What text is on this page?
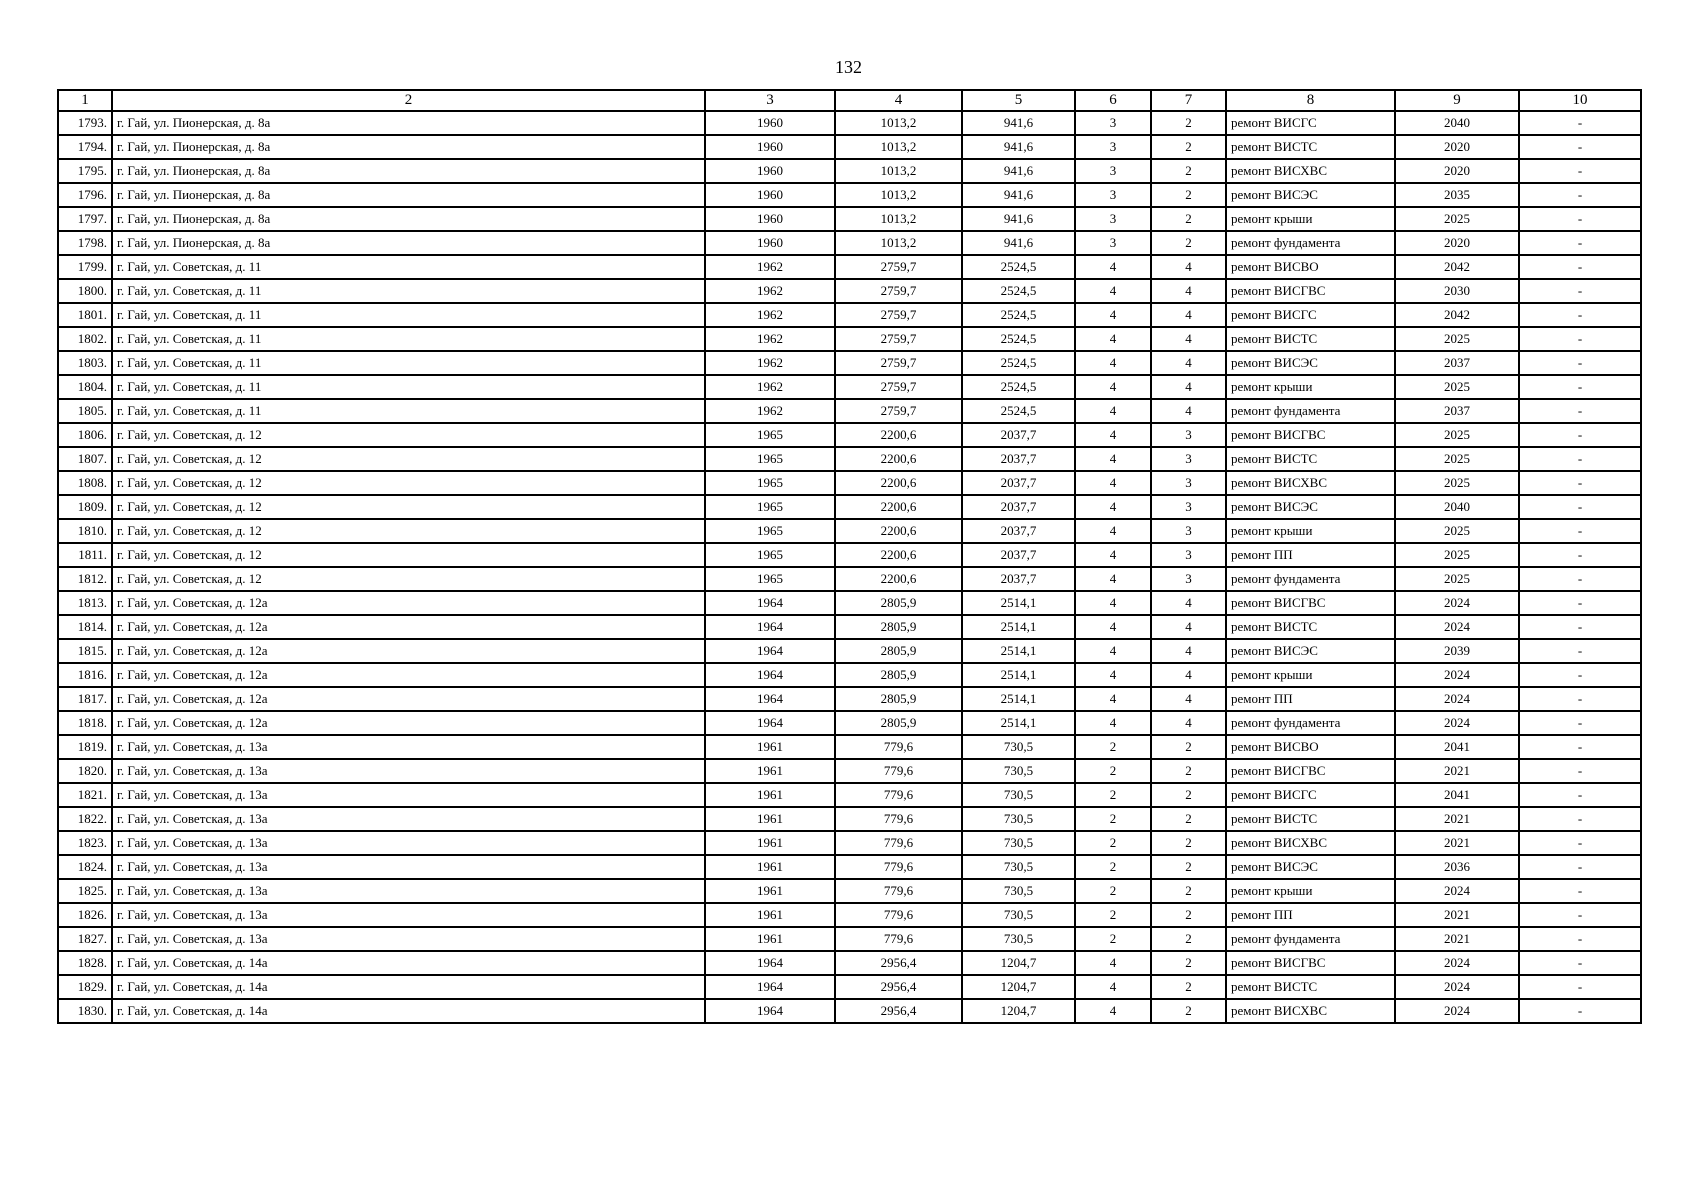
132
1	2	3	4	5	6	7	8	9	10
1793.	г. Гай, ул. Пионерская, д. 8а	1960	1013,2	941,6	3	2	ремонт ВИСГС	2040	-
1794.	г. Гай, ул. Пионерская, д. 8а	1960	1013,2	941,6	3	2	ремонт ВИСТС	2020	-
1795.	г. Гай, ул. Пионерская, д. 8а	1960	1013,2	941,6	3	2	ремонт ВИСХВС	2020	-
1796.	г. Гай, ул. Пионерская, д. 8а	1960	1013,2	941,6	3	2	ремонт ВИСЭС	2035	-
1797.	г. Гай, ул. Пионерская, д. 8а	1960	1013,2	941,6	3	2	ремонт крыши	2025	-
1798.	г. Гай, ул. Пионерская, д. 8а	1960	1013,2	941,6	3	2	ремонт фундамента	2020	-
1799.	г. Гай, ул. Советская, д. 11	1962	2759,7	2524,5	4	4	ремонт ВИСВО	2042	-
1800.	г. Гай, ул. Советская, д. 11	1962	2759,7	2524,5	4	4	ремонт ВИСГВС	2030	-
1801.	г. Гай, ул. Советская, д. 11	1962	2759,7	2524,5	4	4	ремонт ВИСГС	2042	-
1802.	г. Гай, ул. Советская, д. 11	1962	2759,7	2524,5	4	4	ремонт ВИСТС	2025	-
1803.	г. Гай, ул. Советская, д. 11	1962	2759,7	2524,5	4	4	ремонт ВИСЭС	2037	-
1804.	г. Гай, ул. Советская, д. 11	1962	2759,7	2524,5	4	4	ремонт крыши	2025	-
1805.	г. Гай, ул. Советская, д. 11	1962	2759,7	2524,5	4	4	ремонт фундамента	2037	-
1806.	г. Гай, ул. Советская, д. 12	1965	2200,6	2037,7	4	3	ремонт ВИСГВС	2025	-
1807.	г. Гай, ул. Советская, д. 12	1965	2200,6	2037,7	4	3	ремонт ВИСТС	2025	-
1808.	г. Гай, ул. Советская, д. 12	1965	2200,6	2037,7	4	3	ремонт ВИСХВС	2025	-
1809.	г. Гай, ул. Советская, д. 12	1965	2200,6	2037,7	4	3	ремонт ВИСЭС	2040	-
1810.	г. Гай, ул. Советская, д. 12	1965	2200,6	2037,7	4	3	ремонт крыши	2025	-
1811.	г. Гай, ул. Советская, д. 12	1965	2200,6	2037,7	4	3	ремонт ПП	2025	-
1812.	г. Гай, ул. Советская, д. 12	1965	2200,6	2037,7	4	3	ремонт фундамента	2025	-
1813.	г. Гай, ул. Советская, д. 12а	1964	2805,9	2514,1	4	4	ремонт ВИСГВС	2024	-
1814.	г. Гай, ул. Советская, д. 12а	1964	2805,9	2514,1	4	4	ремонт ВИСТС	2024	-
1815.	г. Гай, ул. Советская, д. 12а	1964	2805,9	2514,1	4	4	ремонт ВИСЭС	2039	-
1816.	г. Гай, ул. Советская, д. 12а	1964	2805,9	2514,1	4	4	ремонт крыши	2024	-
1817.	г. Гай, ул. Советская, д. 12а	1964	2805,9	2514,1	4	4	ремонт ПП	2024	-
1818.	г. Гай, ул. Советская, д. 12а	1964	2805,9	2514,1	4	4	ремонт фундамента	2024	-
1819.	г. Гай, ул. Советская, д. 13а	1961	779,6	730,5	2	2	ремонт ВИСВО	2041	-
1820.	г. Гай, ул. Советская, д. 13а	1961	779,6	730,5	2	2	ремонт ВИСГВС	2021	-
1821.	г. Гай, ул. Советская, д. 13а	1961	779,6	730,5	2	2	ремонт ВИСГС	2041	-
1822.	г. Гай, ул. Советская, д. 13а	1961	779,6	730,5	2	2	ремонт ВИСТС	2021	-
1823.	г. Гай, ул. Советская, д. 13а	1961	779,6	730,5	2	2	ремонт ВИСХВС	2021	-
1824.	г. Гай, ул. Советская, д. 13а	1961	779,6	730,5	2	2	ремонт ВИСЭС	2036	-
1825.	г. Гай, ул. Советская, д. 13а	1961	779,6	730,5	2	2	ремонт крыши	2024	-
1826.	г. Гай, ул. Советская, д. 13а	1961	779,6	730,5	2	2	ремонт ПП	2021	-
1827.	г. Гай, ул. Советская, д. 13а	1961	779,6	730,5	2	2	ремонт фундамента	2021	-
1828.	г. Гай, ул. Советская, д. 14а	1964	2956,4	1204,7	4	2	ремонт ВИСГВС	2024	-
1829.	г. Гай, ул. Советская, д. 14а	1964	2956,4	1204,7	4	2	ремонт ВИСТС	2024	-
1830.	г. Гай, ул. Советская, д. 14а	1964	2956,4	1204,7	4	2	ремонт ВИСХВС	2024	-
